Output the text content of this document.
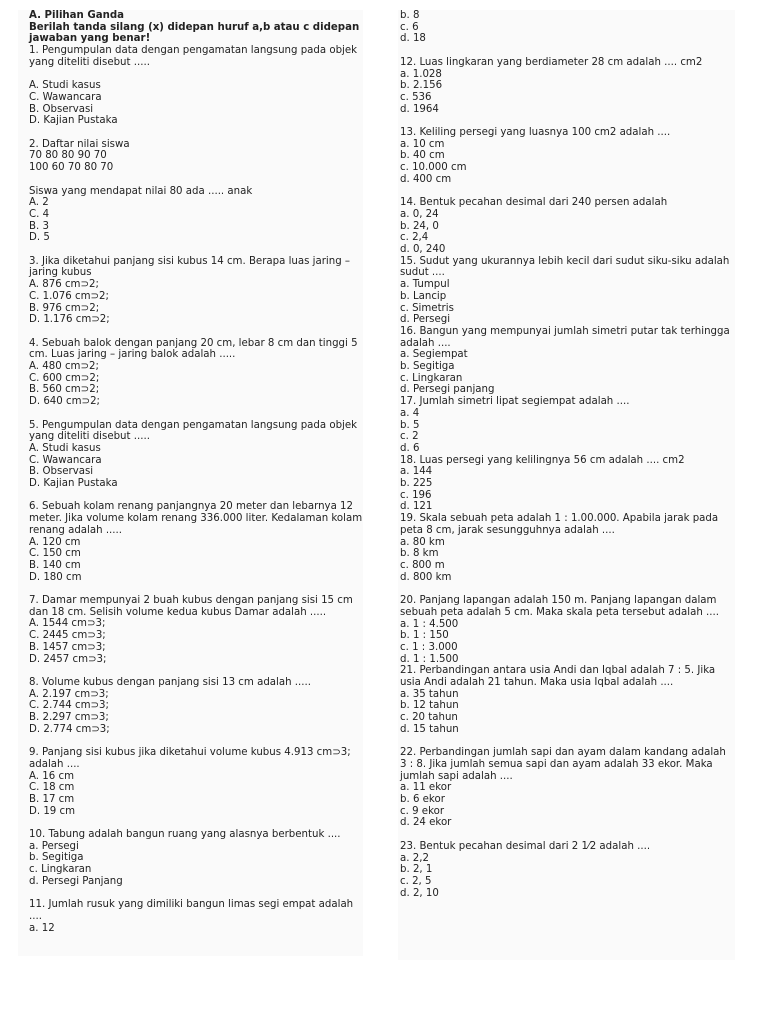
A. Pilihan Ganda
Berilah tanda silang (x) didepan huruf a,b atau c didepan jawaban yang benar!
1. Pengumpulan data dengan pengamatan langsung pada objek yang diteliti disebut .....
A. Studi kasus
C. Wawancara
B. Observasi
D. Kajian Pustaka
2. Daftar nilai siswa
70 80 80 90 70
100 60 70 80 70
Siswa yang mendapat nilai 80 ada ..... anak
A. 2
C. 4
B. 3
D. 5
3. Jika diketahui panjang sisi kubus 14 cm. Berapa luas jaring – jaring kubus
A. 876 cm⊃2;
C. 1.076 cm⊃2;
B. 976 cm⊃2;
D. 1.176 cm⊃2;
4. Sebuah balok dengan panjang 20 cm, lebar 8 cm dan tinggi 5 cm. Luas jaring – jaring balok adalah .....
A. 480 cm⊃2;
C. 600 cm⊃2;
B. 560 cm⊃2;
D. 640 cm⊃2;
5. Pengumpulan data dengan pengamatan langsung pada objek yang diteliti disebut .....
A. Studi kasus
C. Wawancara
B. Observasi
D. Kajian Pustaka
6. Sebuah kolam renang panjangnya 20 meter dan lebarnya 12 meter. Jika volume kolam renang 336.000 liter. Kedalaman kolam renang adalah .....
A. 120 cm
C. 150 cm
B. 140 cm
D. 180 cm
7. Damar mempunyai 2 buah kubus dengan panjang sisi 15 cm dan 18 cm. Selisih volume kedua kubus Damar adalah .....
A. 1544 cm⊃3;
C. 2445 cm⊃3;
B. 1457 cm⊃3;
D. 2457 cm⊃3;
8. Volume kubus dengan panjang sisi 13 cm adalah .....
A. 2.197 cm⊃3;
C. 2.744 cm⊃3;
B. 2.297 cm⊃3;
D. 2.774 cm⊃3;
9. Panjang sisi kubus jika diketahui volume kubus 4.913 cm⊃3; adalah ....
A. 16 cm
C. 18 cm
B. 17 cm
D. 19 cm
10. Tabung adalah bangun ruang yang alasnya berbentuk ....
a. Persegi
b. Segitiga
c. Lingkaran
d. Persegi Panjang
11. Jumlah rusuk yang dimiliki bangun limas segi empat adalah ....
a. 12
b. 8
c. 6
d. 18
12. Luas lingkaran yang berdiameter 28 cm adalah .... cm2
a. 1.028
b. 2.156
c. 536
d. 1964
13. Keliling persegi yang luasnya 100 cm2 adalah ....
a. 10 cm
b. 40 cm
c. 10.000 cm
d. 400 cm
14. Bentuk pecahan desimal dari 240 persen adalah
a. 0, 24
b. 24, 0
c. 2,4
d. 0, 240
15. Sudut yang ukurannya lebih kecil dari sudut siku-siku adalah sudut ....
a. Tumpul
b. Lancip
c. Simetris
d. Persegi
16. Bangun yang mempunyai jumlah simetri putar tak terhingga adalah ....
a. Segiempat
b. Segitiga
c. Lingkaran
d. Persegi panjang
17. Jumlah simetri lipat segiempat adalah ....
a. 4
b. 5
c. 2
d. 6
18. Luas persegi yang kelilingnya 56 cm adalah .... cm2
a. 144
b. 225
c. 196
d. 121
19. Skala sebuah peta adalah 1 : 1.00.000. Apabila jarak pada peta 8 cm, jarak sesungguhnya adalah ....
a. 80 km
b. 8 km
c. 800 m
d. 800 km
20. Panjang lapangan adalah 150 m. Panjang lapangan dalam sebuah peta adalah 5 cm. Maka skala peta tersebut adalah ....
a. 1 : 4.500
b. 1 : 150
c. 1 : 3.000
d. 1 : 1.500
21. Perbandingan antara usia Andi dan Iqbal adalah 7 : 5. Jika usia Andi adalah 21 tahun. Maka usia Iqbal adalah ....
a. 35 tahun
b. 12 tahun
c. 20 tahun
d. 15 tahun
22. Perbandingan jumlah sapi dan ayam dalam kandang adalah 3 : 8. Jika jumlah semua sapi dan ayam adalah 33 ekor. Maka jumlah sapi adalah ....
a. 11 ekor
b. 6 ekor
c. 9 ekor
d. 24 ekor
23. Bentuk pecahan desimal dari 2 1⁄2 adalah ....
a. 2,2
b. 2, 1
c. 2, 5
d. 2, 10
